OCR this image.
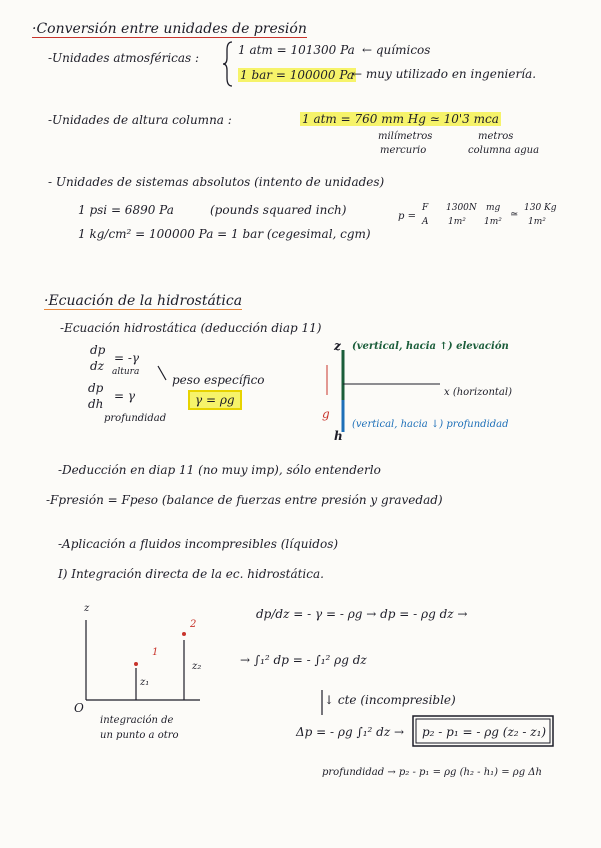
·Conversión entre unidades de presión
-Unidades atmosféricas :
1 atm = 101300 Pa ← químicos
1 bar = 100000 Pa
← muy utilizado en ingeniería.
-Unidades de altura columna :	1 atm = 760 mm Hg ≃ 10'3 mca
milímetros
mercurio
metros
columna agua
- Unidades de sistemas absolutos (intento de unidades)
1 psi = 6890 Pa	(pounds squared inch)
1 kg/cm² = 100000 Pa = 1 bar (cegesimal, cgm)
p =
F
A
1300N
1m²
mg
1m²
≃
130 Kg
1m²
·Ecuación de la hidrostática
-Ecuación hidrostática (deducción diap 11)
dp
dz
= -γ
altura
dp
dh
= γ
profundidad
peso específico
γ = ρg
z (vertical, hacia ↑) elevación
x (horizontal)
g
h
(vertical, hacia ↓) profundidad
-Deducción en diap 11 (no muy imp), sólo entenderlo
-Fpresión = Fpeso (balance de fuerzas entre presión y gravedad)
-Aplicación a fluidos incompresibles (líquidos)
I) Integración directa de la ec. hidrostática.
z
1
2
z₁
z₂
O
integración de
un punto a otro
dp/dz = - γ = - ρg → dp = - ρg dz →
→ ∫₁² dp = - ∫₁² ρg dz
↓ cte (incompresible)
Δp = - ρg ∫₁² dz → p₂ - p₁ = - ρg (z₂ - z₁)
profundidad → p₂ - p₁ = ρg (h₂ - h₁) = ρg Δh
